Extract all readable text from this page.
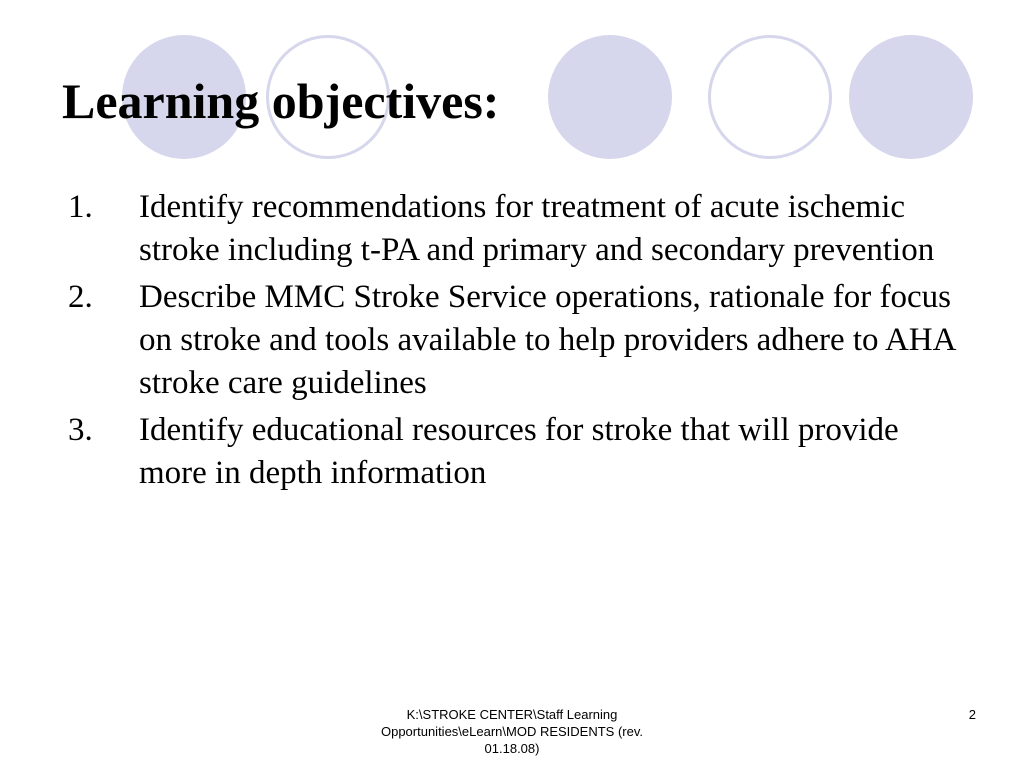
Learning objectives:
1. Identify recommendations for treatment of acute ischemic stroke including t-PA and primary and secondary prevention
2. Describe MMC Stroke Service operations, rationale for focus on stroke and tools available to help providers adhere to AHA stroke care guidelines
3. Identify educational resources for stroke that will provide more in depth information
K:\STROKE CENTER\Staff Learning Opportunities\eLearn\MOD RESIDENTS (rev. 01.18.08)
2
